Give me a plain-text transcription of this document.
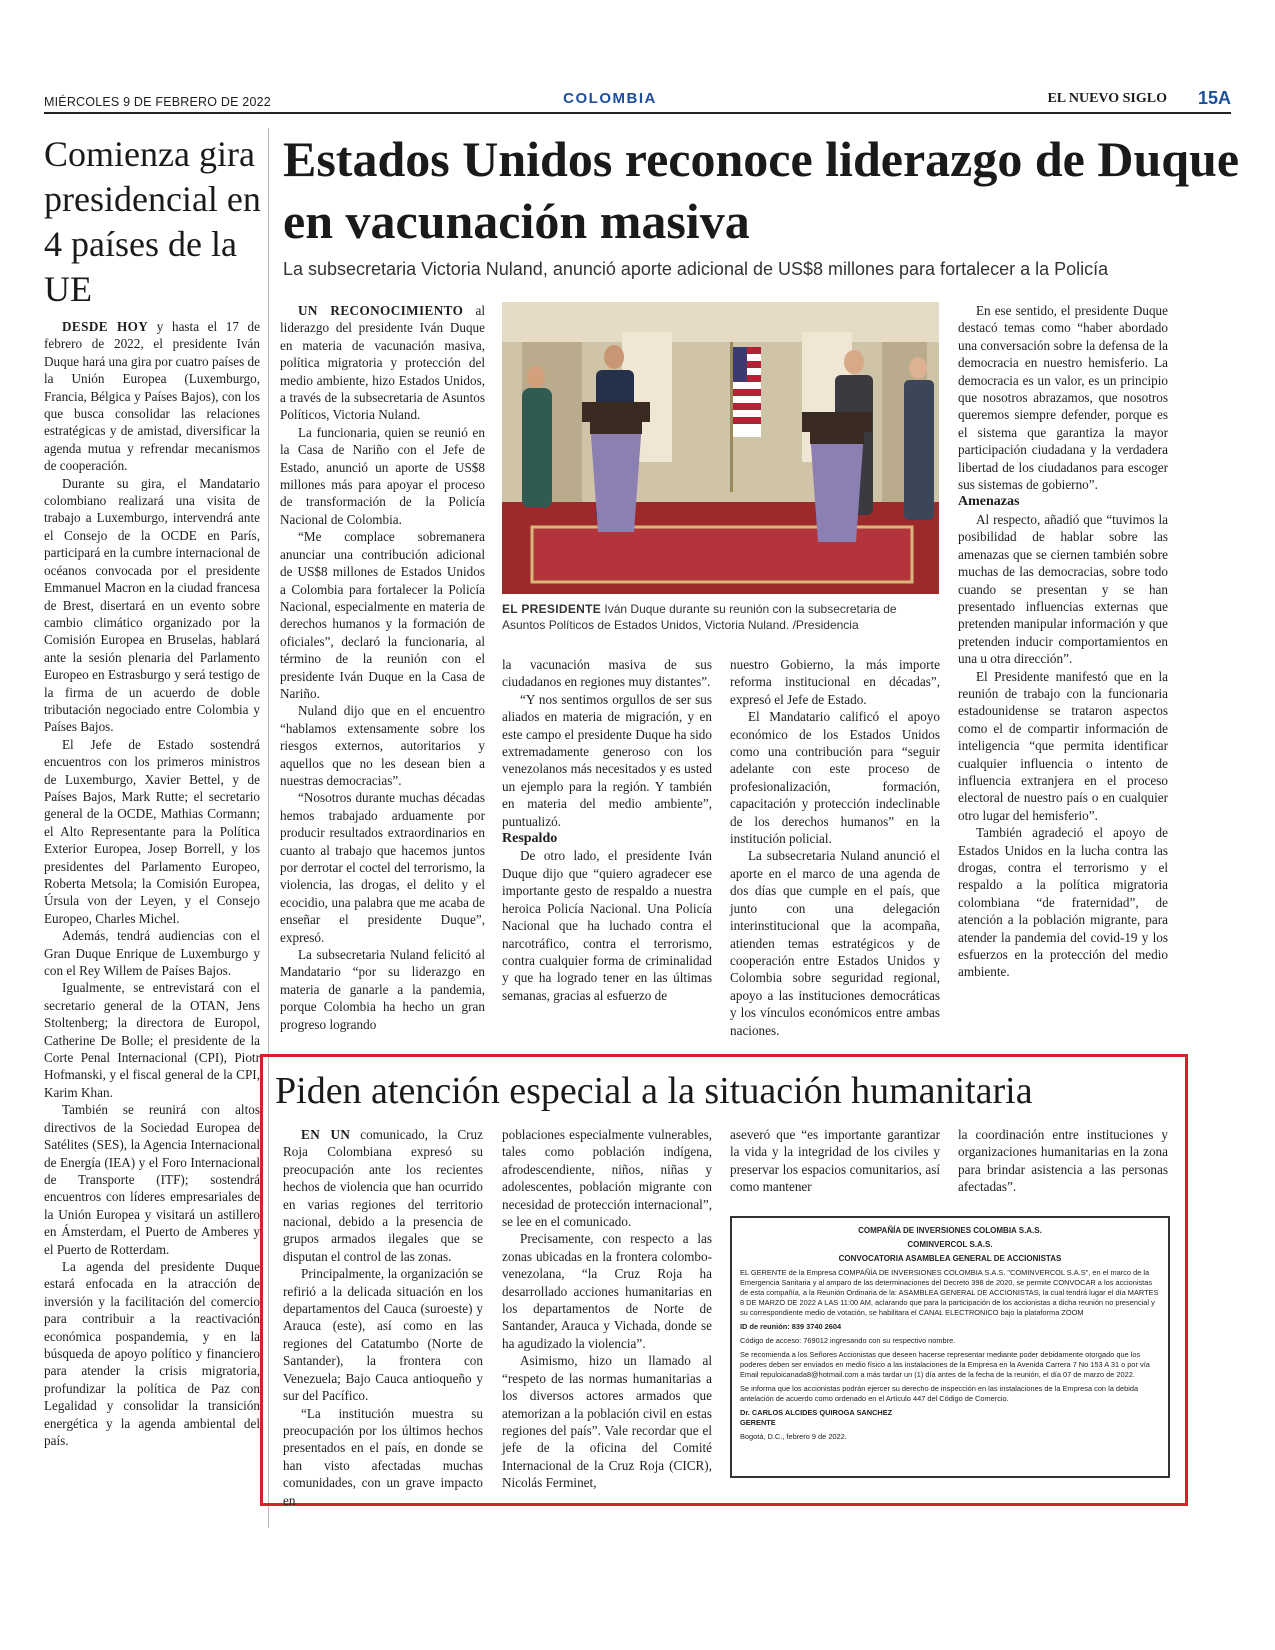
MIÉRCOLES 9 DE FEBRERO DE 2022	COLOMBIA	EL NUEVO SIGLO 15A
Comienza gira presidencial en 4 países de la UE

DESDE HOY y hasta el 17 de febrero de 2022, el presidente Iván Duque hará una gira por cuatro países de la Unión Europea (Luxemburgo, Francia, Bélgica y Países Bajos), con los que busca consolidar las relaciones estratégicas y de amistad, diversificar la agenda mutua y refrendar mecanismos de cooperación.

Durante su gira, el Mandatario colombiano realizará una visita de trabajo a Luxemburgo, intervendrá ante el Consejo de la OCDE en París, participará en la cumbre internacional de océanos convocada por el presidente Emmanuel Macron en la ciudad francesa de Brest, disertará en un evento sobre cambio climático organizado por la Comisión Europea en Bruselas, hablará ante la sesión plenaria del Parlamento Europeo en Estrasburgo y será testigo de la firma de un acuerdo de doble tributación negociado entre Colombia y Países Bajos.

El Jefe de Estado sostendrá encuentros con los primeros ministros de Luxemburgo, Xavier Bettel, y de Países Bajos, Mark Rutte; el secretario general de la OCDE, Mathias Cormann; el Alto Representante para la Política Exterior Europea, Josep Borrell, y los presidentes del Parlamento Europeo, Roberta Metsola; la Comisión Europea, Úrsula von der Leyen, y el Consejo Europeo, Charles Michel.

Además, tendrá audiencias con el Gran Duque Enrique de Luxemburgo y con el Rey Willem de Países Bajos.

Igualmente, se entrevistará con el secretario general de la OTAN, Jens Stoltenberg; la directora de Europol, Catherine De Bolle; el presidente de la Corte Penal Internacional (CPI), Piotr Hofmanski, y el fiscal general de la CPI, Karim Khan.

También se reunirá con altos directivos de la Sociedad Europea de Satélites (SES), la Agencia Internacional de Energía (IEA) y el Foro Internacional de Transporte (ITF); sostendrá encuentros con líderes empresariales de la Unión Europea y visitará un astillero en Ámsterdam, el Puerto de Amberes y el Puerto de Rotterdam.

La agenda del presidente Duque estará enfocada en la atracción de inversión y la facilitación del comercio para contribuir a la reactivación económica pospandemia, y en la búsqueda de apoyo político y financiero para atender la crisis migratoria, profundizar la política de Paz con Legalidad y consolidar la transición energética y la agenda ambiental del país.

Estados Unidos reconoce liderazgo de Duque en vacunación masiva
La subsecretaria Victoria Nuland, anunció aporte adicional de US$8 millones para fortalecer a la Policía

UN RECONOCIMIENTO al liderazgo del presidente Iván Duque en materia de vacunación masiva, política migratoria y protección del medio ambiente, hizo Estados Unidos, a través de la subsecretaria de Asuntos Políticos, Victoria Nuland.

La funcionaria, quien se reunió en la Casa de Nariño con el Jefe de Estado, anunció un aporte de US$8 millones más para apoyar el proceso de transformación de la Policía Nacional de Colombia.

“Me complace sobremanera anunciar una contribución adicional de US$8 millones de Estados Unidos a Colombia para fortalecer la Policía Nacional, especialmente en materia de derechos humanos y la formación de oficiales”, declaró la funcionaria, al término de la reunión con el presidente Iván Duque en la Casa de Nariño.

Nuland dijo que en el encuentro “hablamos extensamente sobre los riesgos externos, autoritarios y aquellos que no les desean bien a nuestras democracias”.

“Nosotros durante muchas décadas hemos trabajado arduamente por producir resultados extraordinarios en cuanto al trabajo que hacemos juntos por derrotar el coctel del terrorismo, la violencia, las drogas, el delito y el ecocidio, una palabra que me acaba de enseñar el presidente Duque”, expresó.

La subsecretaria Nuland felicitó al Mandatario “por su liderazgo en materia de ganarle a la pandemia, porque Colombia ha hecho un gran progreso logrando

EL PRESIDENTE Iván Duque durante su reunión con la subsecretaria de Asuntos Políticos de Estados Unidos, Victoria Nuland. /Presidencia

la vacunación masiva de sus ciudadanos en regiones muy distantes”.

“Y nos sentimos orgullos de ser sus aliados en materia de migración, y en este campo el presidente Duque ha sido extremadamente generoso con los venezolanos más necesitados y es usted un ejemplo para la región. Y también en materia del medio ambiente”, puntualizó.

Respaldo

De otro lado, el presidente Iván Duque dijo que “quiero agradecer ese importante gesto de respaldo a nuestra heroica Policía Nacional. Una Policía Nacional que ha luchado contra el narcotráfico, contra el terrorismo, contra cualquier forma de criminalidad y que ha logrado tener en las últimas semanas, gracias al esfuerzo de

nuestro Gobierno, la más importe reforma institucional en décadas”, expresó el Jefe de Estado.

El Mandatario calificó el apoyo económico de los Estados Unidos como una contribución para “seguir adelante con este proceso de profesionalización, formación, capacitación y protección indeclinable de los derechos humanos” en la institución policial.

La subsecretaria Nuland anunció el aporte en el marco de una agenda de dos días que cumple en el país, que junto con una delegación interinstitucional que la acompaña, atienden temas estratégicos y de cooperación entre Estados Unidos y Colombia sobre seguridad regional, apoyo a las instituciones democráticas y los vínculos económicos entre ambas naciones.

En ese sentido, el presidente Duque destacó temas como “haber abordado una conversación sobre la defensa de la democracia en nuestro hemisferio. La democracia es un valor, es un principio que nosotros abrazamos, que nosotros queremos siempre defender, porque es el sistema que garantiza la mayor participación ciudadana y la verdadera libertad de los ciudadanos para escoger sus sistemas de gobierno”.

Amenazas

Al respecto, añadió que “tuvimos la posibilidad de hablar sobre las amenazas que se ciernen también sobre muchas de las democracias, sobre todo cuando se presentan y se han presentado influencias externas que pretenden manipular información y que pretenden inducir comportamientos en una u otra dirección”.

El Presidente manifestó que en la reunión de trabajo con la funcionaria estadounidense se trataron aspectos como el de compartir información de inteligencia “que permita identificar cualquier influencia o intento de influencia extranjera en el proceso electoral de nuestro país o en cualquier otro lugar del hemisferio”.

También agradeció el apoyo de Estados Unidos en la lucha contra las drogas, contra el terrorismo y el respaldo a la política migratoria colombiana “de fraternidad”, de atención a la población migrante, para atender la pandemia del covid-19 y los esfuerzos en la protección del medio ambiente.

Piden atención especial a la situación humanitaria

EN UN comunicado, la Cruz Roja Colombiana expresó su preocupación ante los recientes hechos de violencia que han ocurrido en varias regiones del territorio nacional, debido a la presencia de grupos armados ilegales que se disputan el control de las zonas.

Principalmente, la organización se refirió a la delicada situación en los departamentos del Cauca (suroeste) y Arauca (este), así como en las regiones del Catatumbo (Norte de Santander), la frontera con Venezuela; Bajo Cauca antioqueño y sur del Pacífico.

“La institución muestra su preocupación por los últimos hechos presentados en el país, en donde se han visto afectadas muchas comunidades, con un grave impacto en

poblaciones especialmente vulnerables, tales como población indígena, afrodescendiente, niños, niñas y adolescentes, población migrante con necesidad de protección internacional”, se lee en el comunicado.

Precisamente, con respecto a las zonas ubicadas en la frontera colombo-venezolana, “la Cruz Roja ha desarrollado acciones humanitarias en los departamentos de Norte de Santander, Arauca y Vichada, donde se ha agudizado la violencia”.

Asimismo, hizo un llamado al “respeto de las normas humanitarias a los diversos actores armados que atemorizan a la población civil en estas regiones del país”. Vale recordar que el jefe de la oficina del Comité Internacional de la Cruz Roja (CICR), Nicolás Ferminet,

aseveró que “es importante garantizar la vida y la integridad de los civiles y preservar los espacios comunitarios, así como mantener

la coordinación entre instituciones y organizaciones humanitarias en la zona para brindar asistencia a las personas afectadas”.

COMPAÑÍA DE INVERSIONES COLOMBIA S.A.S.
COMINVERCOL S.A.S.
CONVOCATORIA ASAMBLEA GENERAL DE ACCIONISTAS

EL GERENTE de la Empresa COMPAÑÍA DE INVERSIONES COLOMBIA S.A.S. "COMINVERCOL S.A.S", en el marco de la Emergencia Sanitaria y al amparo de las determinaciones del Decreto 398 de 2020, se permite CONVOCAR a los accionistas de esta compañía, a la Reunión Ordinaria de la: ASAMBLEA GENERAL DE ACCIONISTAS, la cual tendrá lugar el día MARTES 8 DE MARZO DE 2022 A LAS 11:00 AM, aclarando que para la participación de los accionistas a dicha reunión no presencial y su correspondiente medio de votación, se habilitara el CANAL ELECTRONICO bajo la plataforma ZOOM

ID de reunión: 839 3740 2604

Código de acceso: 769012 ingresando con su respectivo nombre.

Se recomienda a los Señores Accionistas que deseen hacerse representar mediante poder debidamente otorgado que los poderes deben ser enviados en medio físico a las instalaciones de la Empresa en la Avenida Carrera 7 No 153 A 31 o por vía Email repuloicanada8@hotmail.com a más tardar un (1) día antes de la fecha de la reunión, el día 07 de marzo de 2022.

Se informa que los accionistas podrán ejercer su derecho de inspección en las instalaciones de la Empresa con la debida antelación de acuerdo como ordenado en el Artículo 447 del Código de Comercio.

Dr. CARLOS ALCIDES QUIROGA SANCHEZ

GERENTE

Bogotá, D.C., febrero 9 de 2022.
